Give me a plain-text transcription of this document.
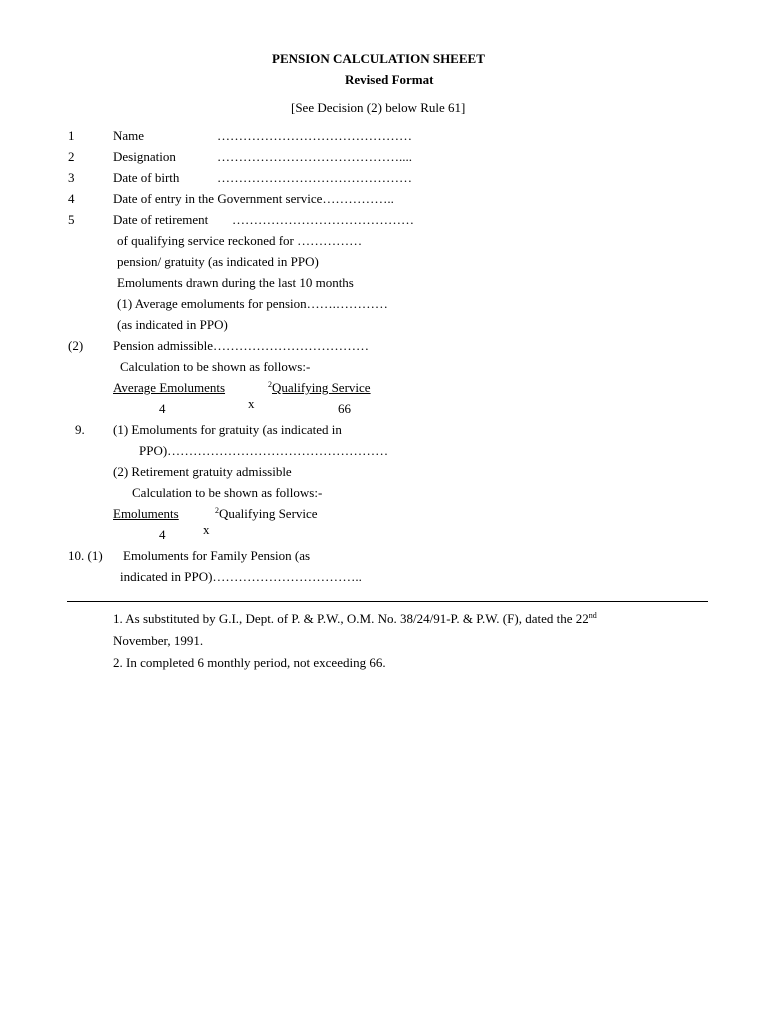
PENSION CALCULATION SHEEET
Revised Format
[See Decision (2) below Rule 61]
1	Name	………………………………………
2	Designation	……………………………………....
3	Date of birth	………………………………………
4	Date of entry in the Government service……………..
5	Date of retirement ……………………………………
of qualifying service reckoned for ……………
pension/ gratuity (as indicated in PPO)
Emoluments drawn during the last 10 months
(1) Average emoluments for pension…….…………
(as indicated in PPO)
(2) Pension admissible………………………………
Calculation to be shown as follows:-
Average Emoluments	$^2$Qualifying Service
4	x	66
9. (1) Emoluments for gratuity (as indicated in
PPO)……………………………………………
(2) Retirement gratuity admissible
Calculation to be shown as follows:-
Emoluments	$^2$Qualifying Service
4	x
10. (1) Emoluments for Family Pension (as
indicated in PPO)……………………………..
1. As substituted by G.I., Dept. of P. & P.W., O.M. No. 38/24/91-P. & P.W. (F), dated the 22nd
November, 1991.
2. In completed 6 monthly period, not exceeding 66.
